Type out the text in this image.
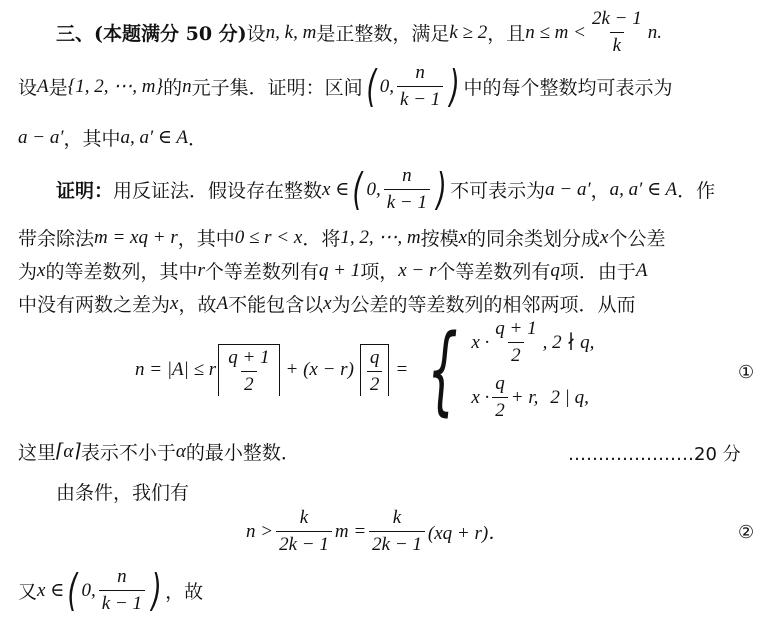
三、(本题满分 50 分) 设 n, k, m 是正整数，满足 k ≥ 2 ，且 $n \le m < \frac{2k - 1}{k} n$.
设 A 是 {1, 2, ⋯, m} 的 n 元子集．证明：区间 ( 0, $\frac{n}{k - 1}$ ) 中的每个整数均可表示为
a − a′ ，其中 a, a′ ∈ A ．
证明： 用反证法．假设存在整数 x ∈ ( 0, $\frac{n}{k - 1}$ ) 不可表示为 a − a′ ， a, a′ ∈ A ．作
带余除法 m = xq + r ，其中 0 ≤ r < x ．将 1, 2, ⋯, m 按模 x 的同余类划分成 x 个公差
为 x 的等差数列，其中 r 个等差数列有 q + 1 项， x − r 个等差数列有 q 项．由于 A
中没有两数之差为 x ，故 A 不能包含以 x 为公差的等差数列的相邻两项．从而
n = |A| ≤ r $\frac{q + 1}{2} + (x - r) \frac{q}{2}$ = { $x \cdot \frac{q + 1}{2}$ , 2 ∤ q,
$x \cdot \frac{q}{2} + r$, 2 | q,
①
这里 ⌈α⌉ 表示不小于 α 的最小整数．	…………………20 分
由条件，我们有
$n > \frac{k}{2k - 1}$ $m = \frac{k}{2k - 1} (xq + r)$．	②
又 x ∈ ( 0, $\frac{n}{k - 1}$ ) ，故
